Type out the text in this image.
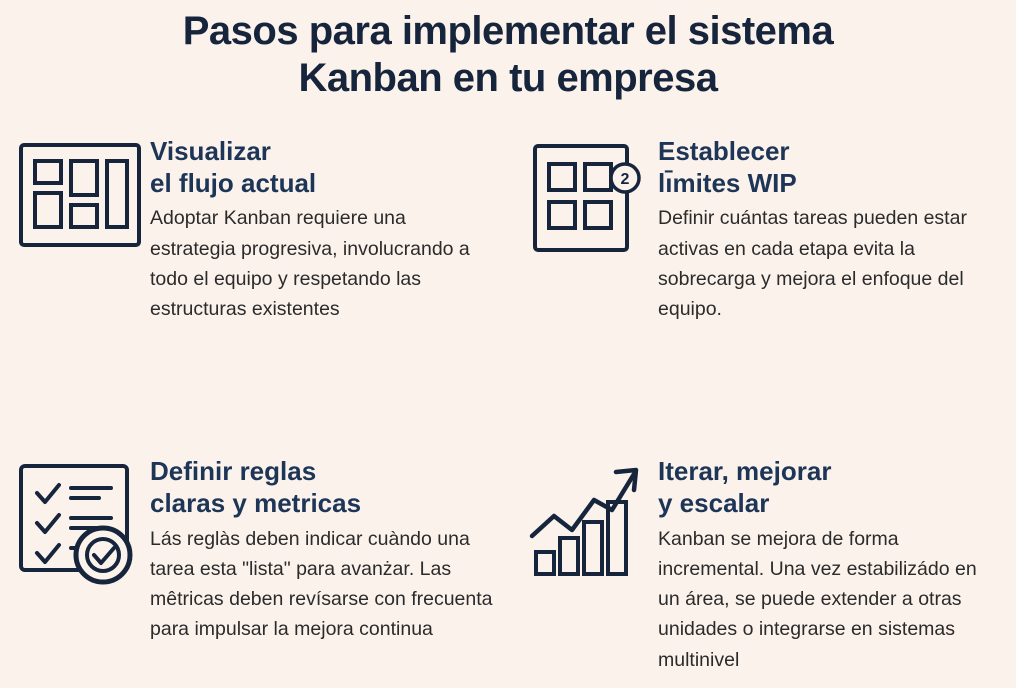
Pasos para implementar el sistema
Kanban en tu empresa
Visualizar
el flujo actual

Adoptar Kanban requiere una estrategia progresiva, involucrando a todo el equipo y respetando las estructuras existentes

2
Establecer
lı̄mites WIP

Definir cuántas tareas pueden estar activas en cada etapa evita la sobrecarga y mejora el enfoque del equipo.

Definir reglas
claras y metricas

Lás reglàs deben indicar cuàndo una tarea esta "lista" para avanżar. Las mêtricas deben revísarse con frecuenta para impulsar la mejora continua

Iterar, mejorar
y escalar

Kanban se mejora de forma incremental. Una vez estabilizádo en un área, se puede extender a otras unidades o integrarse en sistemas multinivel
